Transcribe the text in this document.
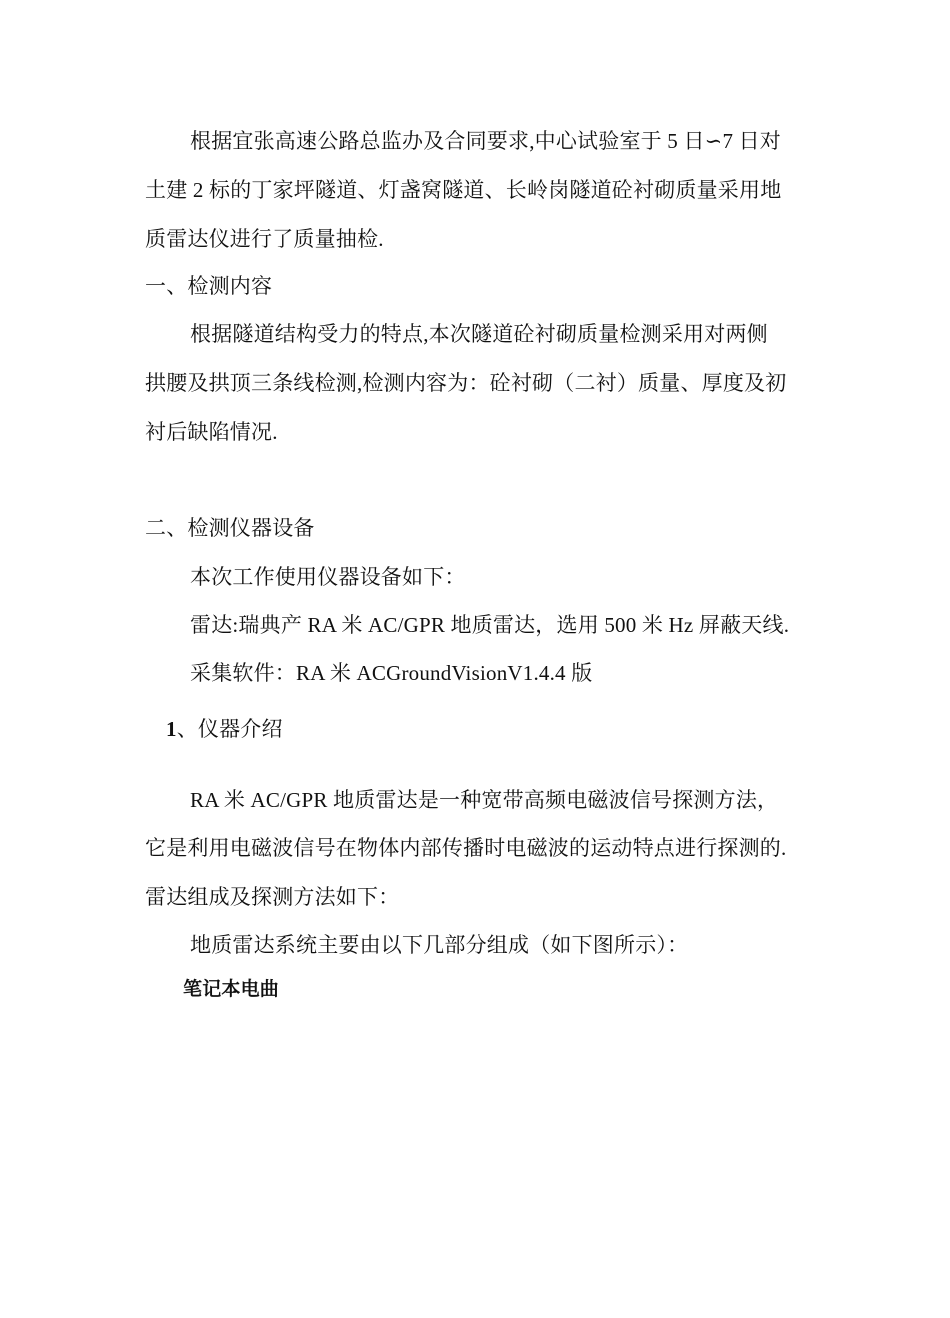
根据宜张高速公路总监办及合同要求,中心试验室于 5 日∽7 日对
土建 2 标的丁家坪隧道、灯盏窝隧道、长岭岗隧道砼衬砌质量采用地
质雷达仪进行了质量抽检.
一、检测内容
根据隧道结构受力的特点,本次隧道砼衬砌质量检测采用对两侧
拱腰及拱顶三条线检测,检测内容为：砼衬砌（二衬）质量、厚度及初
衬后缺陷情况.
二、检测仪器设备
本次工作使用仪器设备如下：
雷达:瑞典产 RA 米 AC/GPR 地质雷达，选用 500 米 Hz 屏蔽天线.
采集软件：RA 米 ACGroundVisionV1.4.4 版
1、仪器介绍
RA 米 AC/GPR 地质雷达是一种宽带高频电磁波信号探测方法，
它是利用电磁波信号在物体内部传播时电磁波的运动特点进行探测的.
雷达组成及探测方法如下：
地质雷达系统主要由以下几部分组成（如下图所示）：
笔记本电曲
